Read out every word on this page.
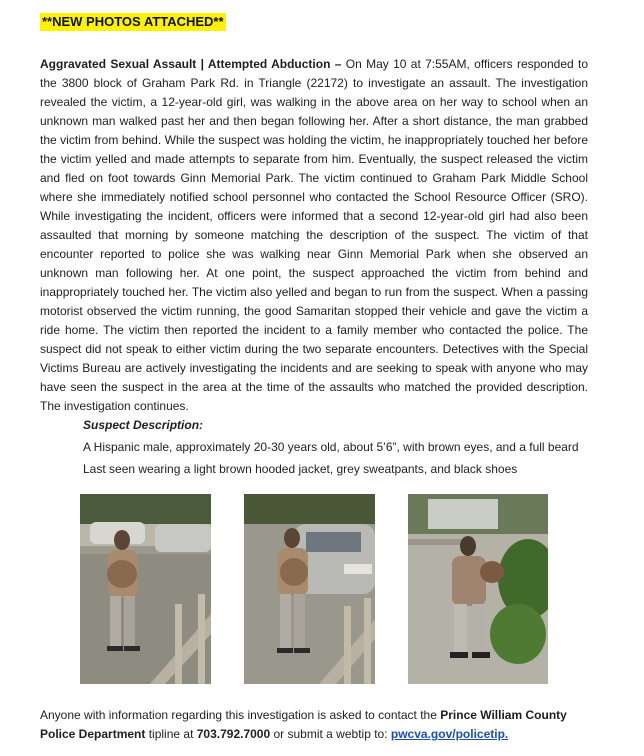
**NEW PHOTOS ATTACHED**
Aggravated Sexual Assault | Attempted Abduction – On May 10 at 7:55AM, officers responded to the 3800 block of Graham Park Rd. in Triangle (22172) to investigate an assault. The investigation revealed the victim, a 12-year-old girl, was walking in the above area on her way to school when an unknown man walked past her and then began following her. After a short distance, the man grabbed the victim from behind. While the suspect was holding the victim, he inappropriately touched her before the victim yelled and made attempts to separate from him. Eventually, the suspect released the victim and fled on foot towards Ginn Memorial Park. The victim continued to Graham Park Middle School where she immediately notified school personnel who contacted the School Resource Officer (SRO). While investigating the incident, officers were informed that a second 12-year-old girl had also been assaulted that morning by someone matching the description of the suspect. The victim of that encounter reported to police she was walking near Ginn Memorial Park when she observed an unknown man following her. At one point, the suspect approached the victim from behind and inappropriately touched her. The victim also yelled and began to run from the suspect. When a passing motorist observed the victim running, the good Samaritan stopped their vehicle and gave the victim a ride home. The victim then reported the incident to a family member who contacted the police. The suspect did not speak to either victim during the two separate encounters. Detectives with the Special Victims Bureau are actively investigating the incidents and are seeking to speak with anyone who may have seen the suspect in the area at the time of the assaults who matched the provided description. The investigation continues.
Suspect Description:
A Hispanic male, approximately 20-30 years old, about 5’6”, with brown eyes, and a full beard
Last seen wearing a light brown hooded jacket, grey sweatpants, and black shoes
Anyone with information regarding this investigation is asked to contact the Prince William County Police Department tipline at 703.792.7000 or submit a webtip to: pwcva.gov/policetip.
